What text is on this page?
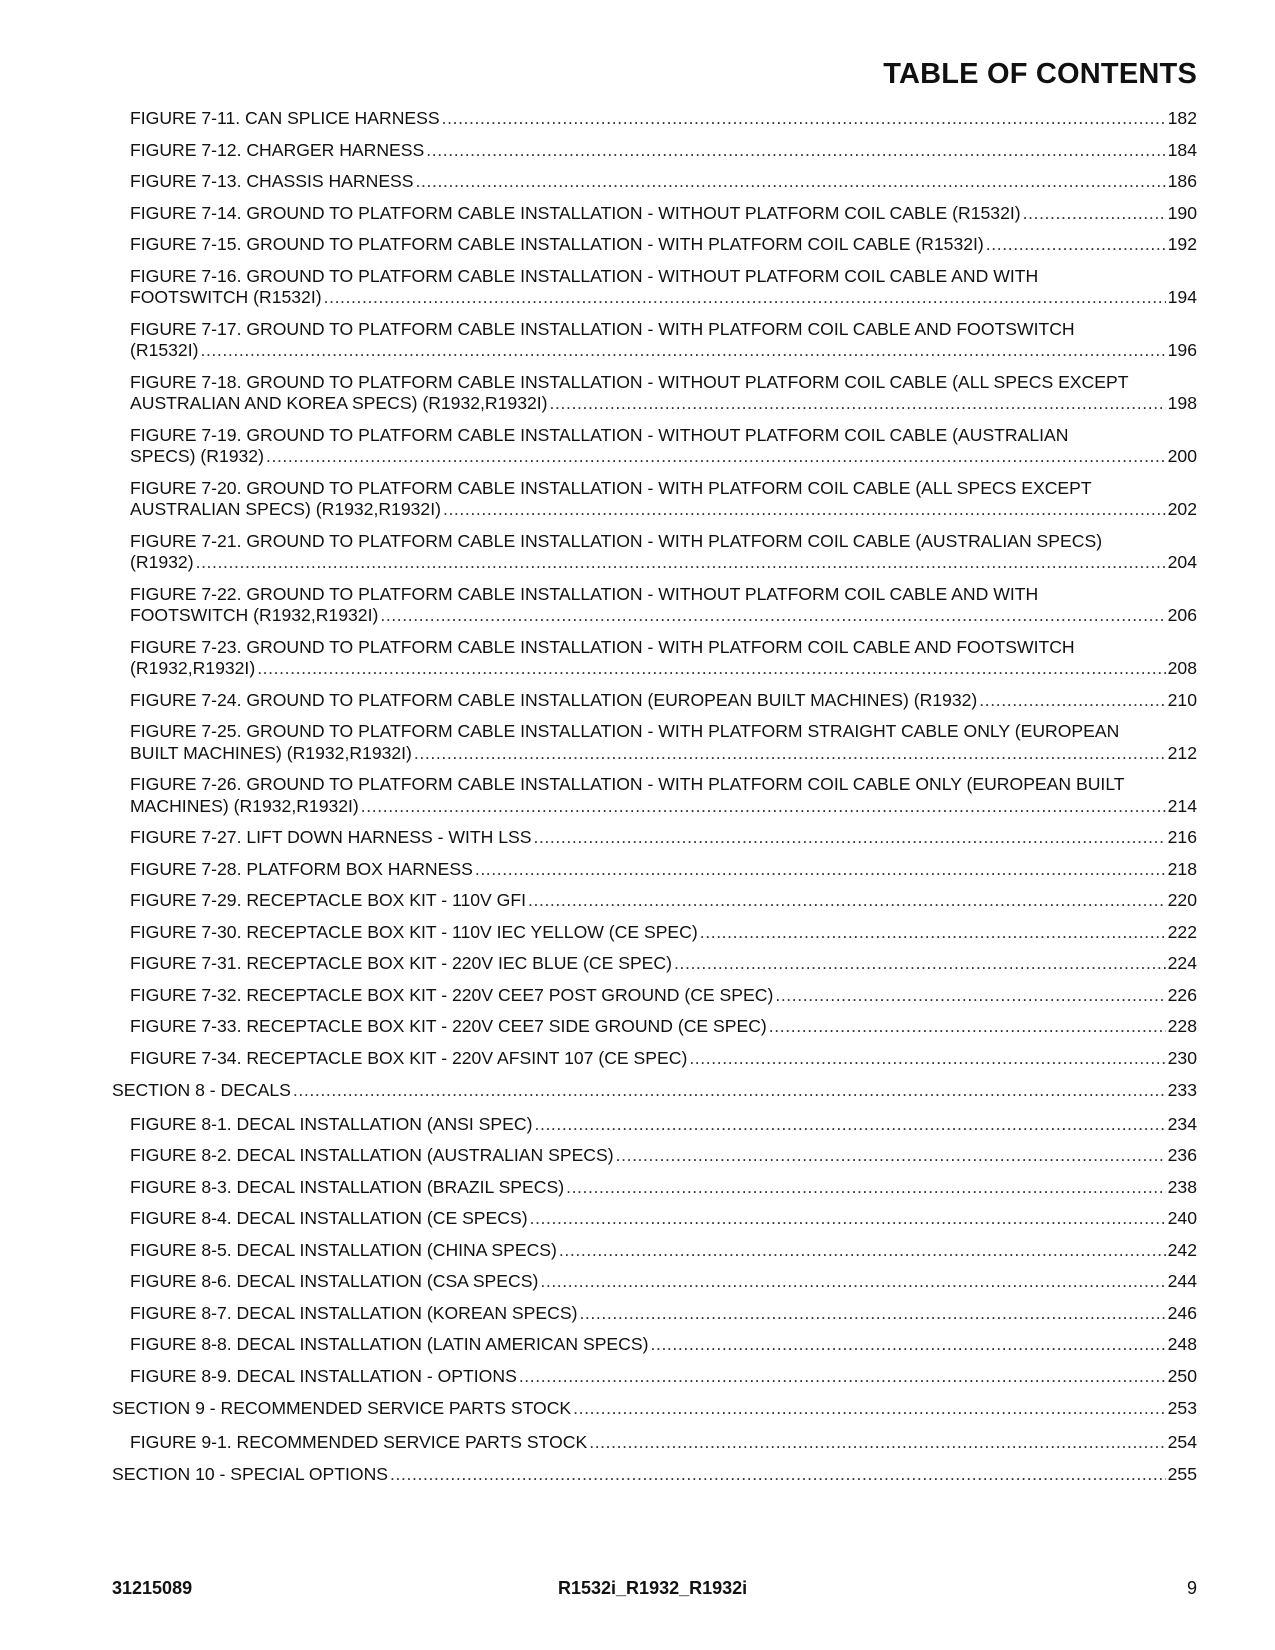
TABLE OF CONTENTS
FIGURE 7-11. CAN SPLICE HARNESS .....	182
FIGURE 7-12. CHARGER HARNESS .....	184
FIGURE 7-13. CHASSIS HARNESS .....	186
FIGURE 7-14. GROUND TO PLATFORM CABLE INSTALLATION - WITHOUT PLATFORM COIL CABLE (R1532I) .....	190
FIGURE 7-15. GROUND TO PLATFORM CABLE INSTALLATION - WITH PLATFORM COIL CABLE (R1532I) .....	192
FIGURE 7-16. GROUND TO PLATFORM CABLE INSTALLATION - WITHOUT PLATFORM COIL CABLE AND WITH
FOOTSWITCH (R1532I) .....	194
FIGURE 7-17. GROUND TO PLATFORM CABLE INSTALLATION - WITH PLATFORM COIL CABLE AND FOOTSWITCH
(R1532I) .....	196
FIGURE 7-18. GROUND TO PLATFORM CABLE INSTALLATION - WITHOUT PLATFORM COIL CABLE (ALL SPECS EXCEPT
AUSTRALIAN AND KOREA SPECS) (R1932,R1932I) .....	198
FIGURE 7-19. GROUND TO PLATFORM CABLE INSTALLATION - WITHOUT PLATFORM COIL CABLE (AUSTRALIAN
SPECS) (R1932) .....	200
FIGURE 7-20. GROUND TO PLATFORM CABLE INSTALLATION - WITH PLATFORM COIL CABLE (ALL SPECS EXCEPT
AUSTRALIAN SPECS) (R1932,R1932I) .....	202
FIGURE 7-21. GROUND TO PLATFORM CABLE INSTALLATION - WITH PLATFORM COIL CABLE (AUSTRALIAN SPECS)
(R1932) .....	204
FIGURE 7-22. GROUND TO PLATFORM CABLE INSTALLATION - WITHOUT PLATFORM COIL CABLE AND WITH
FOOTSWITCH (R1932,R1932I) .....	206
FIGURE 7-23. GROUND TO PLATFORM CABLE INSTALLATION - WITH PLATFORM COIL CABLE AND FOOTSWITCH
(R1932,R1932I) .....	208
FIGURE 7-24. GROUND TO PLATFORM CABLE INSTALLATION (EUROPEAN BUILT MACHINES) (R1932) .....	210
FIGURE 7-25. GROUND TO PLATFORM CABLE INSTALLATION - WITH PLATFORM STRAIGHT CABLE ONLY (EUROPEAN
BUILT MACHINES) (R1932,R1932I) .....	212
FIGURE 7-26. GROUND TO PLATFORM CABLE INSTALLATION - WITH PLATFORM COIL CABLE ONLY (EUROPEAN BUILT
MACHINES) (R1932,R1932I) .....	214
FIGURE 7-27. LIFT DOWN HARNESS - WITH LSS .....	216
FIGURE 7-28. PLATFORM BOX HARNESS .....	218
FIGURE 7-29. RECEPTACLE BOX KIT - 110V GFI .....	220
FIGURE 7-30. RECEPTACLE BOX KIT - 110V IEC YELLOW (CE SPEC) .....	222
FIGURE 7-31. RECEPTACLE BOX KIT - 220V IEC BLUE (CE SPEC) .....	224
FIGURE 7-32. RECEPTACLE BOX KIT - 220V CEE7 POST GROUND (CE SPEC) .....	226
FIGURE 7-33. RECEPTACLE BOX KIT - 220V CEE7 SIDE GROUND (CE SPEC) .....	228
FIGURE 7-34. RECEPTACLE BOX KIT - 220V AFSINT 107 (CE SPEC) .....	230
SECTION 8 - DECALS .....	233
FIGURE 8-1. DECAL INSTALLATION (ANSI SPEC) .....	234
FIGURE 8-2. DECAL INSTALLATION (AUSTRALIAN SPECS) .....	236
FIGURE 8-3. DECAL INSTALLATION (BRAZIL SPECS) .....	238
FIGURE 8-4. DECAL INSTALLATION (CE SPECS) .....	240
FIGURE 8-5. DECAL INSTALLATION (CHINA SPECS) .....	242
FIGURE 8-6. DECAL INSTALLATION (CSA SPECS) .....	244
FIGURE 8-7. DECAL INSTALLATION (KOREAN SPECS) .....	246
FIGURE 8-8. DECAL INSTALLATION (LATIN AMERICAN SPECS) .....	248
FIGURE 8-9. DECAL INSTALLATION - OPTIONS .....	250
SECTION 9 - RECOMMENDED SERVICE PARTS STOCK .....	253
FIGURE 9-1. RECOMMENDED SERVICE PARTS STOCK .....	254
SECTION 10 - SPECIAL OPTIONS .....	255
31215089	R1532i_R1932_R1932i	9
